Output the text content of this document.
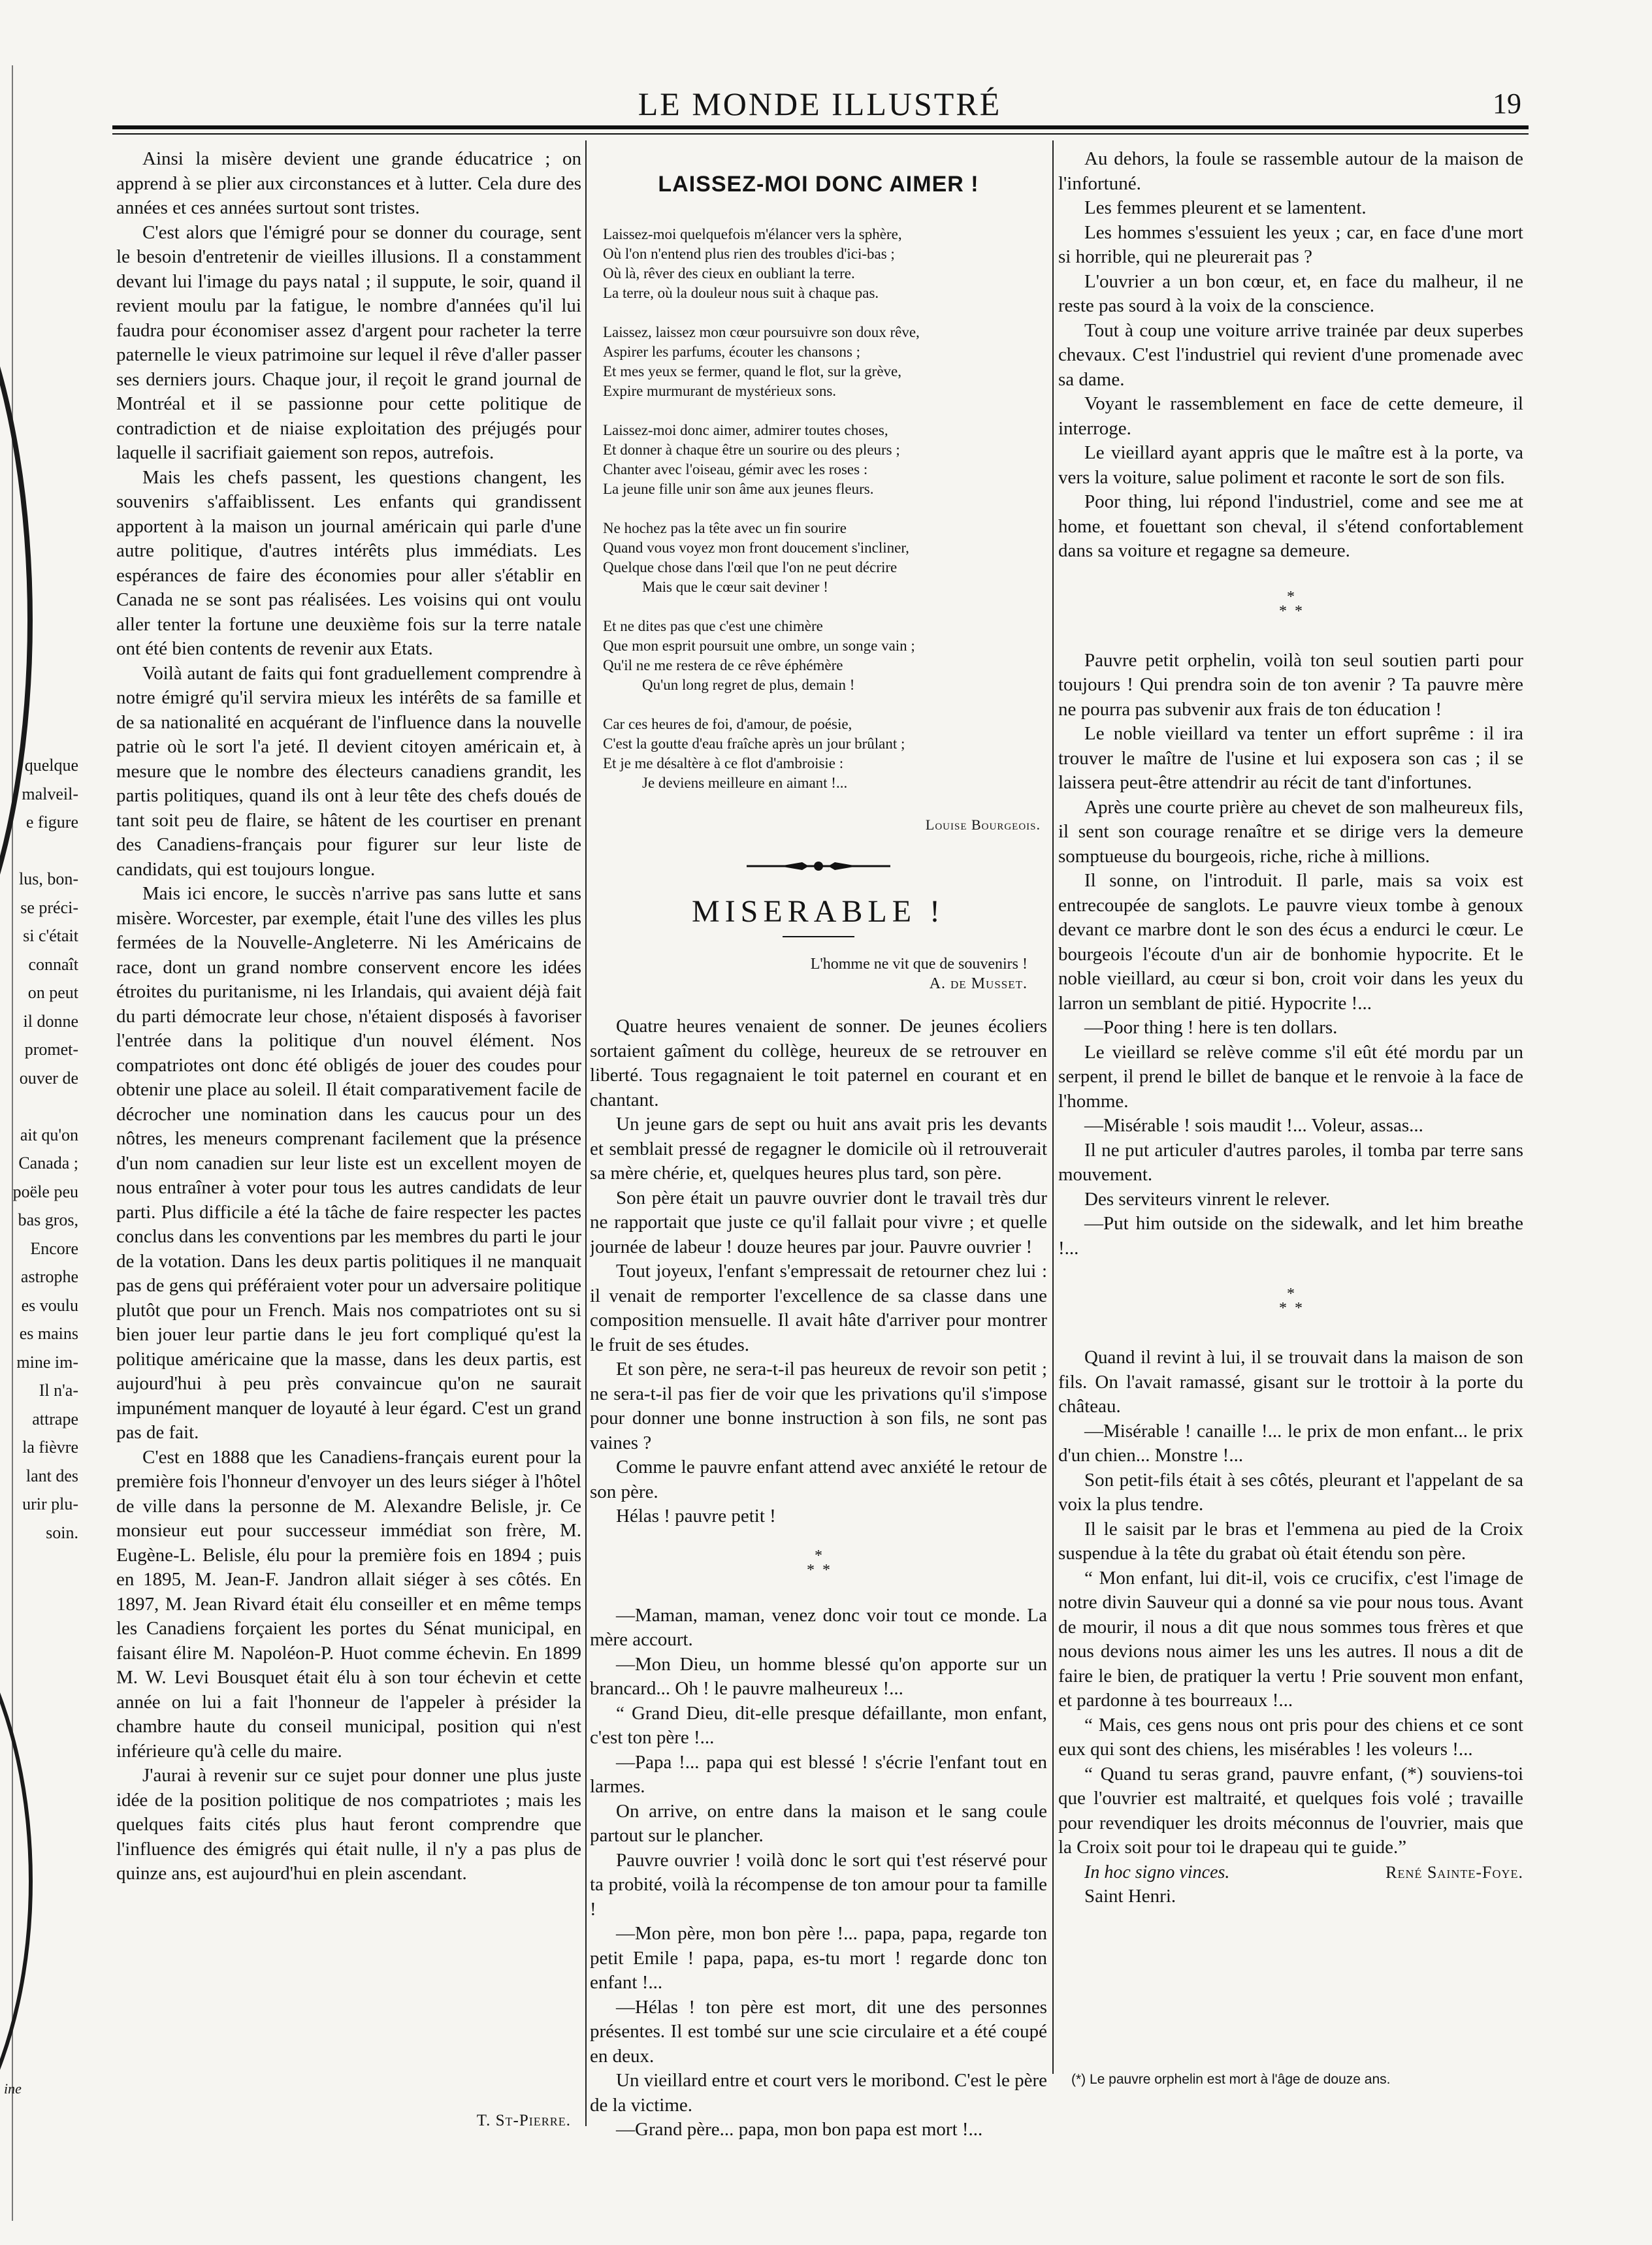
quelque
malveil-
e figure
lus, bon-
se préci-
si c'était
connaît
on peut
il donne
promet-
ouver de
ait qu'on
Canada ;
poële peu
bas gros,
Encore
astrophe
es voulu
es mains
mine im-
Il n'a-
attrape
la fièvre
lant des
urir plu-
soin.
ine
LE MONDE ILLUSTRÉ	19

Ainsi la misère devient une grande éducatrice ; on apprend à se plier aux circonstances et à lutter. Cela dure des années et ces années surtout sont tristes.

C'est alors que l'émigré pour se donner du courage, sent le besoin d'entretenir de vieilles illusions. Il a constamment devant lui l'image du pays natal ; il suppute, le soir, quand il revient moulu par la fatigue, le nombre d'années qu'il lui faudra pour économiser assez d'argent pour racheter la terre paternelle le vieux patrimoine sur lequel il rêve d'aller passer ses derniers jours. Chaque jour, il reçoit le grand journal de Montréal et il se passionne pour cette politique de contradiction et de niaise exploitation des préjugés pour laquelle il sacrifiait gaiement son repos, autrefois.

Mais les chefs passent, les questions changent, les souvenirs s'affaiblissent. Les enfants qui grandissent apportent à la maison un journal américain qui parle d'une autre politique, d'autres intérêts plus immédiats. Les espérances de faire des économies pour aller s'établir en Canada ne se sont pas réalisées. Les voisins qui ont voulu aller tenter la fortune une deuxième fois sur la terre natale ont été bien contents de revenir aux Etats.

Voilà autant de faits qui font graduellement comprendre à notre émigré qu'il servira mieux les intérêts de sa famille et de sa nationalité en acquérant de l'influence dans la nouvelle patrie où le sort l'a jeté. Il devient citoyen américain et, à mesure que le nombre des électeurs canadiens grandit, les partis politiques, quand ils ont à leur tête des chefs doués de tant soit peu de flaire, se hâtent de les courtiser en prenant des Canadiens-français pour figurer sur leur liste de candidats, qui est toujours longue.

Mais ici encore, le succès n'arrive pas sans lutte et sans misère. Worcester, par exemple, était l'une des villes les plus fermées de la Nouvelle-Angleterre. Ni les Américains de race, dont un grand nombre conservent encore les idées étroites du puritanisme, ni les Irlandais, qui avaient déjà fait du parti démocrate leur chose, n'étaient disposés à favoriser l'entrée dans la politique d'un nouvel élément. Nos compatriotes ont donc été obligés de jouer des coudes pour obtenir une place au soleil. Il était comparativement facile de décrocher une nomination dans les caucus pour un des nôtres, les meneurs comprenant facilement que la présence d'un nom canadien sur leur liste est un excellent moyen de nous entraîner à voter pour tous les autres candidats de leur parti. Plus difficile a été la tâche de faire respecter les pactes conclus dans les conventions par les membres du parti le jour de la votation. Dans les deux partis politiques il ne manquait pas de gens qui préféraient voter pour un adversaire politique plutôt que pour un French. Mais nos compatriotes ont su si bien jouer leur partie dans le jeu fort compliqué qu'est la politique américaine que la masse, dans les deux partis, est aujourd'hui à peu près convaincue qu'on ne saurait impunément manquer de loyauté à leur égard. C'est un grand pas de fait.

C'est en 1888 que les Canadiens-français eurent pour la première fois l'honneur d'envoyer un des leurs siéger à l'hôtel de ville dans la personne de M. Alexandre Belisle, jr. Ce monsieur eut pour successeur immédiat son frère, M. Eugène-L. Belisle, élu pour la première fois en 1894 ; puis en 1895, M. Jean-F. Jandron allait siéger à ses côtés. En 1897, M. Jean Rivard était élu conseiller et en même temps les Canadiens forçaient les portes du Sénat municipal, en faisant élire M. Napoléon-P. Huot comme échevin. En 1899 M. W. Levi Bousquet était élu à son tour échevin et cette année on lui a fait l'honneur de l'appeler à présider la chambre haute du conseil municipal, position qui n'est inférieure qu'à celle du maire.

J'aurai à revenir sur ce sujet pour donner une plus juste idée de la position politique de nos compatriotes ; mais les quelques faits cités plus haut feront comprendre que l'influence des émigrés qui était nulle, il n'y a pas plus de quinze ans, est aujourd'hui en plein ascendant.

T. St-Pierre.
LAISSEZ-MOI DONC AIMER !
Laissez-moi quelquefois m'élancer vers la sphère,
Où l'on n'entend plus rien des troubles d'ici-bas ;
Où là, rêver des cieux en oubliant la terre.
La terre, où la douleur nous suit à chaque pas.
Laissez, laissez mon cœur poursuivre son doux rêve,
Aspirer les parfums, écouter les chansons ;
Et mes yeux se fermer, quand le flot, sur la grève,
Expire murmurant de mystérieux sons.
Laissez-moi donc aimer, admirer toutes choses,
Et donner à chaque être un sourire ou des pleurs ;
Chanter avec l'oiseau, gémir avec les roses :
La jeune fille unir son âme aux jeunes fleurs.
Ne hochez pas la tête avec un fin sourire
Quand vous voyez mon front doucement s'incliner,
Quelque chose dans l'œil que l'on ne peut décrire
Mais que le cœur sait deviner !
Et ne dites pas que c'est une chimère
Que mon esprit poursuit une ombre, un songe vain ;
Qu'il ne me restera de ce rêve éphémère
Qu'un long regret de plus, demain !
Car ces heures de foi, d'amour, de poésie,
C'est la goutte d'eau fraîche après un jour brûlant ;
Et je me désaltère à ce flot d'ambroisie :
Je deviens meilleure en aimant !...
Louise Bourgeois.
MISERABLE !
L'homme ne vit que de souvenirs !
A. de Musset.

Quatre heures venaient de sonner. De jeunes écoliers sortaient gaîment du collège, heureux de se retrouver en liberté. Tous regagnaient le toit paternel en courant et en chantant.

Un jeune gars de sept ou huit ans avait pris les devants et semblait pressé de regagner le domicile où il retrouverait sa mère chérie, et, quelques heures plus tard, son père.

Son père était un pauvre ouvrier dont le travail très dur ne rapportait que juste ce qu'il fallait pour vivre ; et quelle journée de labeur ! douze heures par jour. Pauvre ouvrier !

Tout joyeux, l'enfant s'empressait de retourner chez lui : il venait de remporter l'excellence de sa classe dans une composition mensuelle. Il avait hâte d'arriver pour montrer le fruit de ses études.

Et son père, ne sera-t-il pas heureux de revoir son petit ; ne sera-t-il pas fier de voir que les privations qu'il s'impose pour donner une bonne instruction à son fils, ne sont pas vaines ?

Comme le pauvre enfant attend avec anxiété le retour de son père.

Hélas ! pauvre petit !

*
*  *

—Maman, maman, venez donc voir tout ce monde. La mère accourt.

—Mon Dieu, un homme blessé qu'on apporte sur un brancard... Oh ! le pauvre malheureux !...

“ Grand Dieu, dit-elle presque défaillante, mon enfant, c'est ton père !...

—Papa !... papa qui est blessé ! s'écrie l'enfant tout en larmes.

On arrive, on entre dans la maison et le sang coule partout sur le plancher.

Pauvre ouvrier ! voilà donc le sort qui t'est réservé pour ta probité, voilà la récompense de ton amour pour ta famille !

—Mon père, mon bon père !... papa, papa, regarde ton petit Emile ! papa, papa, es-tu mort ! regarde donc ton enfant !...

—Hélas ! ton père est mort, dit une des personnes présentes. Il est tombé sur une scie circulaire et a été coupé en deux.

Un vieillard entre et court vers le moribond. C'est le père de la victime.

—Grand père... papa, mon bon papa est mort !...

Au dehors, la foule se rassemble autour de la maison de l'infortuné.

Les femmes pleurent et se lamentent.

Les hommes s'essuient les yeux ; car, en face d'une mort si horrible, qui ne pleurerait pas ?

L'ouvrier a un bon cœur, et, en face du malheur, il ne reste pas sourd à la voix de la conscience.

Tout à coup une voiture arrive trainée par deux superbes chevaux. C'est l'industriel qui revient d'une promenade avec sa dame.

Voyant le rassemblement en face de cette demeure, il interroge.

Le vieillard ayant appris que le maître est à la porte, va vers la voiture, salue poliment et raconte le sort de son fils.

Poor thing, lui répond l'industriel, come and see me at home, et fouettant son cheval, il s'étend confortablement dans sa voiture et regagne sa demeure.

*
*  *

Pauvre petit orphelin, voilà ton seul soutien parti pour toujours ! Qui prendra soin de ton avenir ? Ta pauvre mère ne pourra pas subvenir aux frais de ton éducation !

Le noble vieillard va tenter un effort suprême : il ira trouver le maître de l'usine et lui exposera son cas ; il se laissera peut-être attendrir au récit de tant d'infortunes.

Après une courte prière au chevet de son malheureux fils, il sent son courage renaître et se dirige vers la demeure somptueuse du bourgeois, riche, riche à millions.

Il sonne, on l'introduit. Il parle, mais sa voix est entrecoupée de sanglots. Le pauvre vieux tombe à genoux devant ce marbre dont le son des écus a endurci le cœur. Le bourgeois l'écoute d'un air de bonhomie hypocrite. Et le noble vieillard, au cœur si bon, croit voir dans les yeux du larron un semblant de pitié. Hypocrite !...

—Poor thing ! here is ten dollars.

Le vieillard se relève comme s'il eût été mordu par un serpent, il prend le billet de banque et le renvoie à la face de l'homme.

—Misérable ! sois maudit !... Voleur, assas...

Il ne put articuler d'autres paroles, il tomba par terre sans mouvement.

Des serviteurs vinrent le relever.

—Put him outside on the sidewalk, and let him breathe !...

*
*  *

Quand il revint à lui, il se trouvait dans la maison de son fils. On l'avait ramassé, gisant sur le trottoir à la porte du château.

—Misérable ! canaille !... le prix de mon enfant... le prix d'un chien... Monstre !...

Son petit-fils était à ses côtés, pleurant et l'appelant de sa voix la plus tendre.

Il le saisit par le bras et l'emmena au pied de la Croix suspendue à la tête du grabat où était étendu son père.

“ Mon enfant, lui dit-il, vois ce crucifix, c'est l'image de notre divin Sauveur qui a donné sa vie pour nous tous. Avant de mourir, il nous a dit que nous sommes tous frères et que nous devions nous aimer les uns les autres. Il nous a dit de faire le bien, de pratiquer la vertu ! Prie souvent mon enfant, et pardonne à tes bourreaux !...

“ Mais, ces gens nous ont pris pour des chiens et ce sont eux qui sont des chiens, les misérables ! les voleurs !...

“ Quand tu seras grand, pauvre enfant, (*) souviens-toi que l'ouvrier est maltraité, et quelques fois volé ; travaille pour revendiquer les droits méconnus de l'ouvrier, mais que la Croix soit pour toi le drapeau qui te guide.”

In hoc signo vinces.	René Sainte-Foye.

Saint Henri.

(*) Le pauvre orphelin est mort à l'âge de douze ans.
